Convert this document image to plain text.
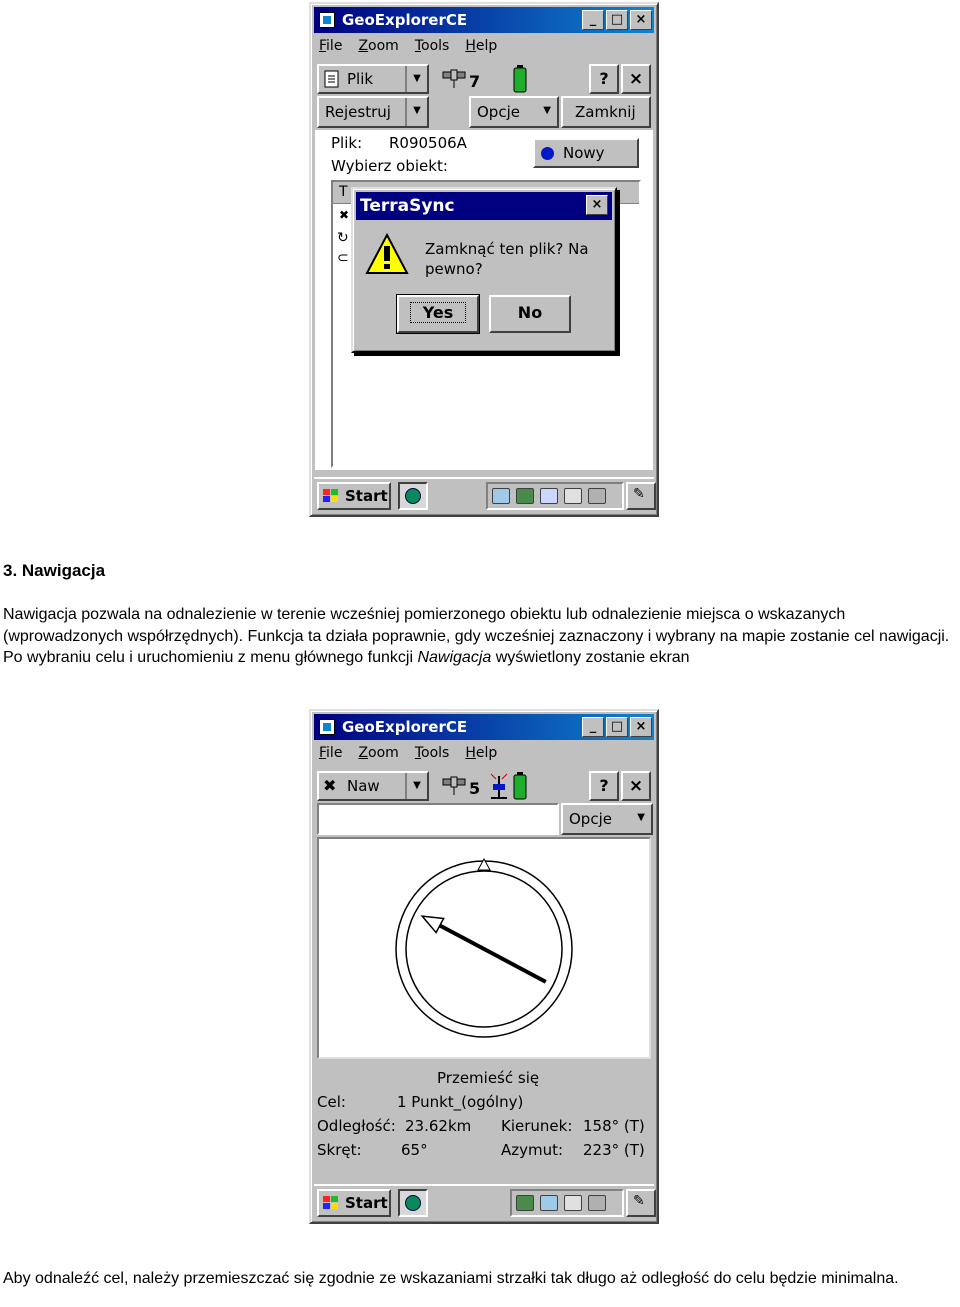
GeoExplorerCE	_	□ ×
File Zoom Tools Help
Plik	▼	7	?	×
Rejestruj	▼	Opcje ▼ Zamknij
Plik: R090506A
Wybierz obiekt:
Nowy
T
✖
↻
⊂
TerraSync	×
Zamknąć ten plik? Na pewno?
Yes	No
Start	✎
3. Nawigacja

Nawigacja pozwala na odnalezienie w terenie wcześniej pomierzonego obiektu lub odnalezienie miejsca o wskazanych (wprowadzonych współrzędnych). Funkcja ta działa poprawnie, gdy wcześniej zaznaczony i wybrany na mapie zostanie cel nawigacji. Po wybraniu celu i uruchomieniu z menu głównego funkcji Nawigacja wyświetlony zostanie ekran

GeoExplorerCE	_	□ ×
File Zoom Tools Help
✖ Naw	▼	5	?	×
Opcje	▼
Przemieść się
Cel:	1 Punkt_(ogólny)
Odległość: 23.62km Kierunek: 158° (T)
Skręt:	65°	Azymut: 223° (T)
Start	✎

Aby odnaleźć cel, należy przemieszczać się zgodnie ze wskazaniami strzałki tak długo aż odległość do celu będzie minimalna.
